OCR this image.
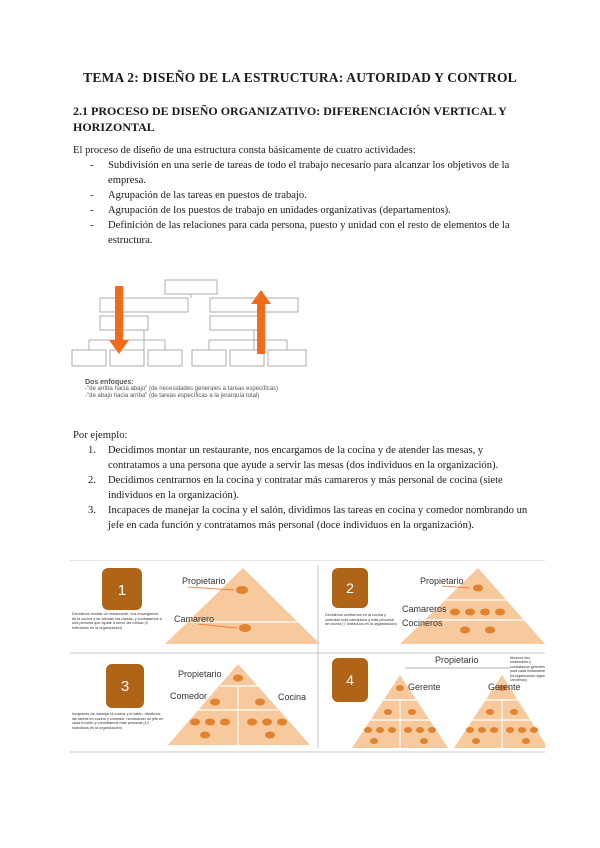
TEMA 2: DISEÑO DE LA ESTRUCTURA: AUTORIDAD Y CONTROL
2.1 PROCESO DE DISEÑO ORGANIZATIVO: DIFERENCIACIÓN VERTICAL Y HORIZONTAL
El proceso de diseño de una estructura consta básicamente de cuatro actividades:
- Subdivisión en una serie de tareas de todo el trabajo necesario para alcanzar los objetivos de la empresa.
- Agrupación de las tareas en puestos de trabajo.
- Agrupación de los puestos de trabajo en unidades organizativas (departamentos).
- Definición de las relaciones para cada persona, puesto y unidad con el resto de elementos de la estructura.
Dos enfoques:
-"de arriba hacia abajo" (de necesidades generales a tareas específicas)
-"de abajo hacia arriba" (de tareas específicas a la jerarquía total)
Por ejemplo:
1. Decidimos montar un restaurante, nos encargamos de la cocina y de atender las mesas, y contratamos a una persona que ayude a servir las mesas (dos individuos en la organización).
2. Decidimos centrarnos en la cocina y contratar más camareros y más personal de cocina (siete individuos en la organización).
3. Incapaces de manejar la cocina y el salón, dividimos las tareas en cocina y comedor nombrando un jefe en cada función y contratamos más personal (doce individuos en la organización).
1
Propietario
Camarero
Decidimos montar un restaurante, nos encargamos de la cocina y de atender las mesas, y contratamos a una persona que ayude a servir las mesas (2 individuos en la organización)
2	Propietario
Camareros
Cocineros
Decidimos centrarnos en la cocina y contratar más camareros y más personal de cocina (7 individuos en la organización)
3
Propietario
Comedor	Cocina
Incapaces de manejar la cocina y el salón, dividimos las tareas en cocina y comedor, nombrando un jefe en cada función y contratamos más personal (12 individuos en la organización)
4
Propietario
Gerente	Gerente
Abrimos otro restaurante y contratamos gerentes para cada restaurante (la organización sigue creciendo)
